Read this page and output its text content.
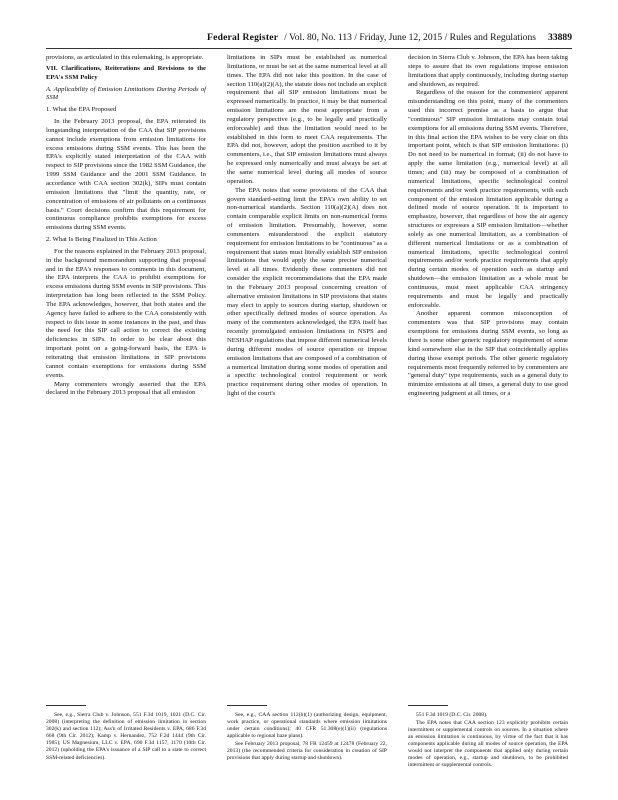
Federal Register / Vol. 80, No. 113 / Friday, June 12, 2015 / Rules and Regulations 33889

provisions, as articulated in this rulemaking, is appropriate.

VII. Clarifications, Reiterations and Revisions to the EPA's SSM Policy
A. Applicability of Emission Limitations During Periods of SSM
1. What the EPA Proposed

In the February 2013 proposal, the EPA reiterated its longstanding interpretation of the CAA that SIP provisions cannot include exemptions from emission limitations for excess emissions during SSM events. This has been the EPA's explicitly stated interpretation of the CAA with respect to SIP provisions since the 1982 SSM Guidance, the 1999 SSM Guidance and the 2001 SSM Guidance. In accordance with CAA section 302(k), SIPs must contain emission limitations that "limit the quantity, rate, or concentration of emissions of air pollutants on a continuous basis." Court decisions confirm that this requirement for continuous compliance prohibits exemptions for excess emissions during SSM events.

2. What Is Being Finalized in This Action

For the reasons explained in the February 2013 proposal, in the background memorandum supporting that proposal and in the EPA's responses to comments in this document, the EPA interprets the CAA to prohibit exemptions for excess emissions during SSM events in SIP provisions. This interpretation has long been reflected in the SSM Policy. The EPA acknowledges, however, that both states and the Agency have failed to adhere to the CAA consistently with respect to this issue in some instances in the past, and thus the need for this SIP call action to correct the existing deficiencies in SIPs. In order to be clear about this important point on a going-forward basis, the EPA is reiterating that emission limitations in SIP provisions cannot contain exemptions for emissions during SSM events.

Many commenters wrongly asserted that the EPA declared in the February 2013 proposal that all emission

limitations in SIPs must be established as numerical limitations, or must be set at the same numerical level at all times. The EPA did not take this position. In the case of section 110(a)(2)(A), the statute does not include an explicit requirement that all SIP emission limitations must be expressed numerically. In practice, it may be that numerical emission limitations are the most appropriate from a regulatory perspective (e.g., to be legally and practically enforceable) and thus the limitation would need to be established in this form to meet CAA requirements. The EPA did not, however, adopt the position ascribed to it by commenters, i.e., that SIP emission limitations must always be expressed only numerically and must always be set at the same numerical level during all modes of source operation.

The EPA notes that some provisions of the CAA that govern standard-setting limit the EPA's own ability to set non-numerical standards. Section 110(a)(2)(A) does not contain comparable explicit limits on non-numerical forms of emission limitation. Presumably, however, some commenters misunderstood the explicit statutory requirement for emission limitations to be "continuous" as a requirement that states must literally establish SIP emission limitations that would apply the same precise numerical level at all times. Evidently these commenters did not consider the explicit recommendations that the EPA made in the February 2013 proposal concerning creation of alternative emission limitations in SIP provisions that states may elect to apply to sources during startup, shutdown or other specifically defined modes of source operation. As many of the commenters acknowledged, the EPA itself has recently promulgated emission limitations in NSPS and NESHAP regulations that impose different numerical levels during different modes of source operation or impose emission limitations that are composed of a combination of a numerical limitation during some modes of operation and a specific technological control requirement or work practice requirement during other modes of operation. In light of the court's

decision in Sierra Club v. Johnson, the EPA has been taking steps to assure that its own regulations impose emission limitations that apply continuously, including during startup and shutdown, as required.

Regardless of the reason for the commenters' apparent misunderstanding on this point, many of the commenters used this incorrect premise as a basis to argue that "continuous" SIP emission limitations may contain total exemptions for all emissions during SSM events. Therefore, in this final action the EPA wishes to be very clear on this important point, which is that SIP emission limitations: (i) Do not need to be numerical in format; (ii) do not have to apply the same limitation (e.g., numerical level) at all times; and (iii) may be composed of a combination of numerical limitations, specific technological control requirements and/or work practice requirements, with each component of the emission limitation applicable during a defined mode of source operation. It is important to emphasize, however, that regardless of how the air agency structures or expresses a SIP emission limitation—whether solely as one numerical limitation, as a combination of different numerical limitations or as a combination of numerical limitations, specific technological control requirements and/or work practice requirements that apply during certain modes of operation such as startup and shutdown—the emission limitation as a whole must be continuous, must meet applicable CAA stringency requirements and must be legally and practically enforceable.

Another apparent common misconception of commenters was that SIP provisions may contain exemptions for emissions during SSM events, so long as there is some other generic regulatory requirement of some kind somewhere else in the SIP that coincidentally applies during those exempt periods. The other generic regulatory requirements most frequently referred to by commenters are "general duty" type requirements, such as a general duty to minimize emissions at all times, a general duty to use good engineering judgment at all times, or a

See, e.g., Sierra Club v. Johnson, 551 F.3d 1019, 1021 (D.C. Cir. 2008) (interpreting the definition of emission limitation in section 302(k) and section 112); Ass'n of Irritated Residents v. EPA, 686 F.3d 668 (9th Cir. 2012); Kamp v. Hernandez, 752 F.2d 1444 (9th Cir. 1985); US Magnesium, LLC v. EPA, 690 F.3d 1157, 1170 (10th Cir. 2012) (upholding the EPA's issuance of a SIP call to a state to correct SSM-related deficiencies).

See, e.g., CAA section 112(h)(1) (authorizing design, equipment, work practice, or operational standards where emission limitations under certain conditions); 40 CFR 51.308(e)(1)(ii) (regulations applicable to regional haze plans).

See February 2013 proposal, 78 FR 12459 at 12478 (February 22, 2013) (the recommended criteria for consideration in creation of SIP provisions that apply during startup and shutdown).

551 F.3d 1019 (D.C. Cir. 2008).

The EPA notes that CAA section 123 explicitly prohibits certain intermittent or supplemental controls on sources. In a situation where an emission limitation is continuous, by virtue of the fact that it has components applicable during all modes of source operation, the EPA would not interpret the components that applied only during certain modes of operation, e.g., startup and shutdown, to be prohibited intermittent or supplemental controls.
